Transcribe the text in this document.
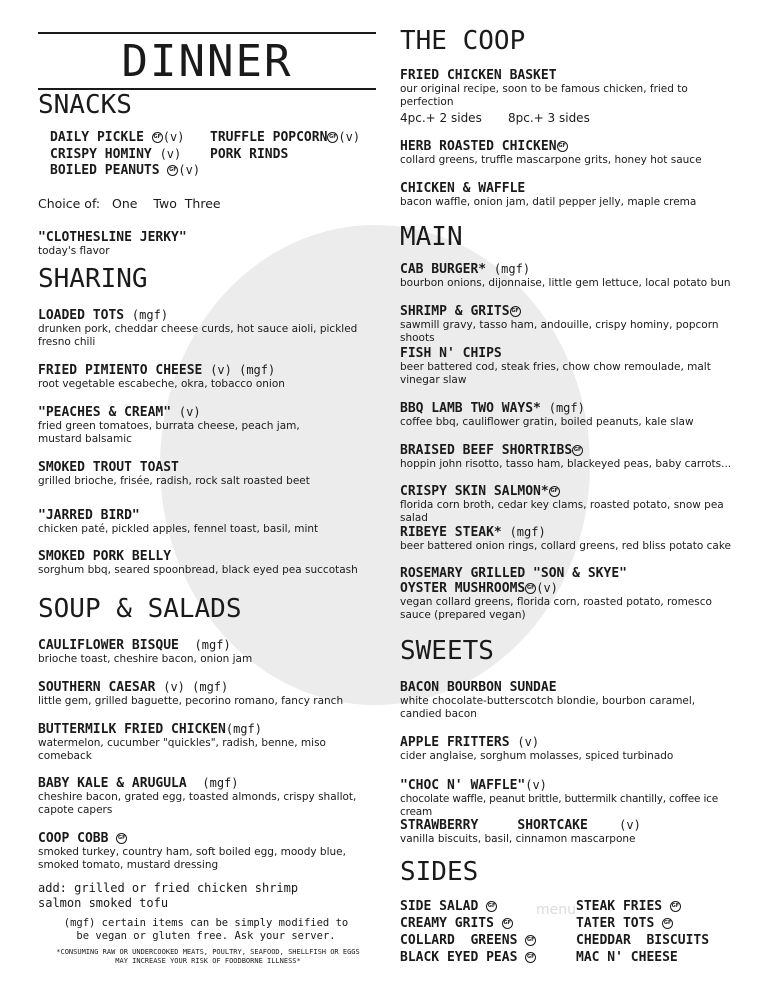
DINNER
SNACKS
DAILY PICKLE GF (v) TRUFFLE POPCORN GF (v)
CRISPY HOMINY (v) PORK RINDS
BOILED PEANUTS GF (v)
Choice of: One Two Three
"CLOTHESLINE JERKY"
today's flavor
SHARING
LOADED TOTS (mgf)
drunken pork, cheddar cheese curds, hot sauce aioli, pickled fresno chili
FRIED PIMIENTO CHEESE (v) (mgf)
root vegetable escabeche, okra, tobacco onion
"PEACHES & CREAM" (v)
fried green tomatoes, burrata cheese, peach jam, mustard balsamic
SMOKED TROUT TOAST
grilled brioche, frisée, radish, rock salt roasted beet
"JARRED BIRD"
chicken paté, pickled apples, fennel toast, basil, mint
SMOKED PORK BELLY
sorghum bbq, seared spoonbread, black eyed pea succotash
SOUP & SALADS
CAULIFLOWER BISQUE (mgf)
brioche toast, cheshire bacon, onion jam
SOUTHERN CAESAR (v) (mgf)
little gem, grilled baguette, pecorino romano, fancy ranch
BUTTERMILK FRIED CHICKEN(mgf)
watermelon, cucumber "quickles", radish, benne, miso comeback
BABY KALE & ARUGULA (mgf)
cheshire bacon, grated egg, toasted almonds, crispy shallot, capote capers
COOP COBB GF
smoked turkey, country ham, soft boiled egg, moody blue, smoked tomato, mustard dressing
add: grilled or fried chicken shrimp
salmon smoked tofu
(mgf) certain items can be simply modified to be vegan or gluten free. Ask your server.
*CONSUMING RAW OR UNDERCOOKED MEATS, POULTRY, SEAFOOD, SHELLFISH OR EGGS MAY INCREASE YOUR RISK OF FOODBORNE ILLNESS*
THE COOP
FRIED CHICKEN BASKET
our original recipe, soon to be famous chicken, fried to perfection
4pc.+ 2 sides 8pc.+ 3 sides
HERB ROASTED CHICKEN GF
collard greens, truffle mascarpone grits, honey hot sauce
CHICKEN & WAFFLE
bacon waffle, onion jam, datil pepper jelly, maple crema
MAIN
CAB BURGER* (mgf)
bourbon onions, dijonnaise, little gem lettuce, local potato bun
SHRIMP & GRITS GF
sawmill gravy, tasso ham, andouille, crispy hominy, popcorn shoots
FISH N' CHIPS
beer battered cod, steak fries, chow chow remoulade, malt vinegar slaw
BBQ LAMB TWO WAYS* (mgf)
coffee bbq, cauliflower gratin, boiled peanuts, kale slaw
BRAISED BEEF SHORTRIBS GF
hoppin john risotto, tasso ham, blackeyed peas, baby carrots...
CRISPY SKIN SALMON* GF
florida corn broth, cedar key clams, roasted potato, snow pea salad
RIBEYE STEAK* (mgf)
beer battered onion rings, collard greens, red bliss potato cake
ROSEMARY GRILLED "SON & SKYE"
OYSTER MUSHROOMS GF (v)
vegan collard greens, florida corn, roasted potato, romesco sauce (prepared vegan)
SWEETS
BACON BOURBON SUNDAE
white chocolate-butterscotch blondie, bourbon caramel, candied bacon
APPLE FRITTERS (v)
cider anglaise, sorghum molasses, spiced turbinado
"CHOC N' WAFFLE"(v)
chocolate waffle, peanut brittle, buttermilk chantilly, coffee ice cream
STRAWBERRY     SHORTCAKE	(v)
vanilla biscuits, basil, cinnamon mascarpone
SIDES
SIDE SALAD GF
CREAMY GRITS GF
COLLARD  GREENS GF
BLACK EYED PEAS GF
STEAK FRIES GF
TATER TOTS GF
CHEDDAR  BISCUITS
MAC N' CHEESE
menu
